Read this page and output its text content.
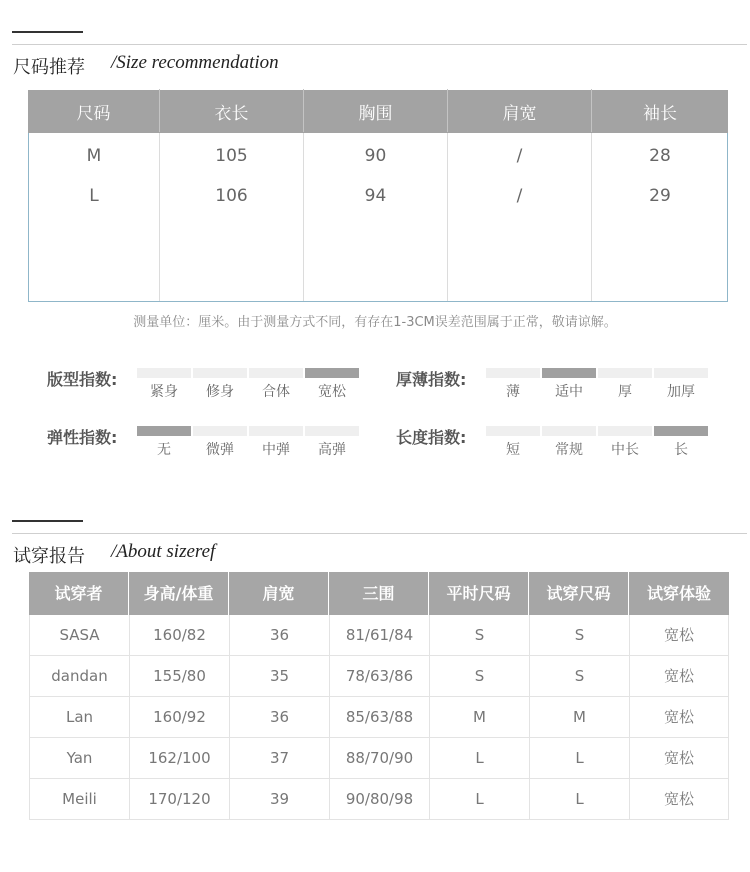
尺码推荐 /Size recommendation
尺码	衣长	胸围	肩宽	袖长
M	105	90	/	28
L	106	94	/	29
测量单位：厘米。由于测量方式不同，有存在1-3CM误差范围属于正常，敬请谅解。
版型指数:
紧身	修身	合体	宽松
厚薄指数:
薄	适中	厚	加厚
弹性指数:
无	微弹	中弹	高弹
长度指数:
短	常规	中长	长
试穿报告 /About sizeref
试穿者	身高/体重	肩宽	三围	平时尺码	试穿尺码	试穿体验
SASA	160/82	36	81/61/84	S	S	宽松
dandan	155/80	35	78/63/86	S	S	宽松
Lan	160/92	36	85/63/88	M	M	宽松
Yan	162/100	37	88/70/90	L	L	宽松
Meili	170/120	39	90/80/98	L	L	宽松
